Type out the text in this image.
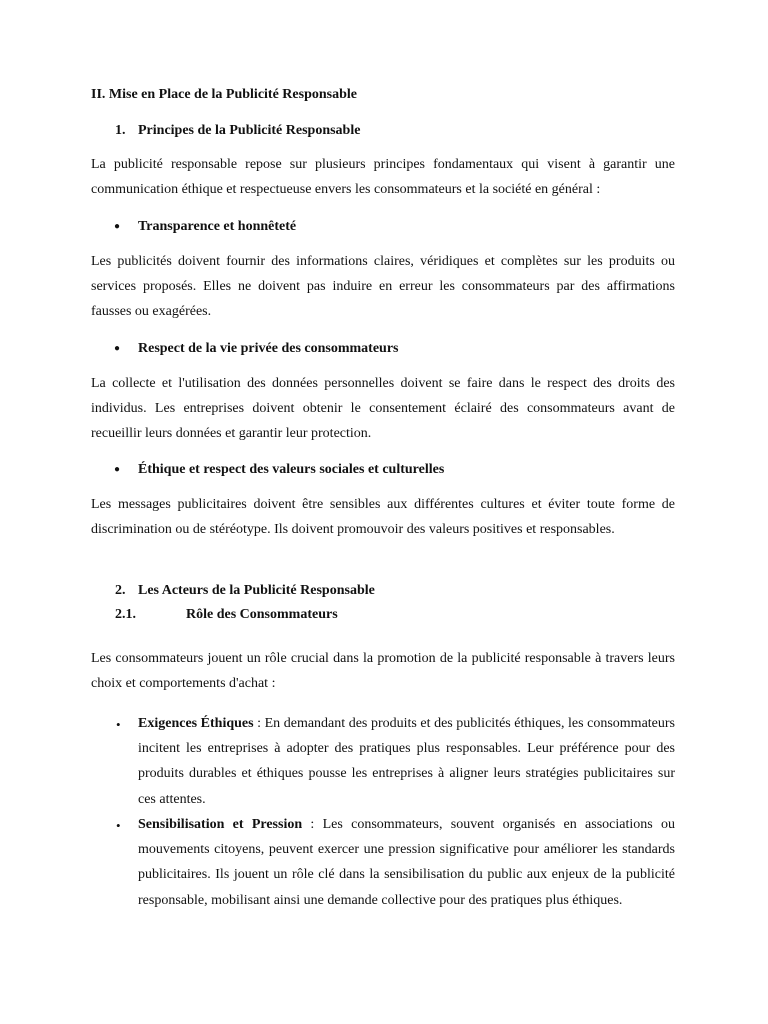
II. Mise en Place de la Publicité Responsable
1. Principes de la Publicité Responsable
La publicité responsable repose sur plusieurs principes fondamentaux qui visent à garantir une communication éthique et respectueuse envers les consommateurs et la société en général :
● Transparence et honnêteté
Les publicités doivent fournir des informations claires, véridiques et complètes sur les produits ou services proposés. Elles ne doivent pas induire en erreur les consommateurs par des affirmations fausses ou exagérées.
● Respect de la vie privée des consommateurs
La collecte et l'utilisation des données personnelles doivent se faire dans le respect des droits des individus. Les entreprises doivent obtenir le consentement éclairé des consommateurs avant de recueillir leurs données et garantir leur protection.
● Éthique et respect des valeurs sociales et culturelles
Les messages publicitaires doivent être sensibles aux différentes cultures et éviter toute forme de discrimination ou de stéréotype. Ils doivent promouvoir des valeurs positives et responsables.
2. Les Acteurs de la Publicité Responsable
2.1.	Rôle des Consommateurs
Les consommateurs jouent un rôle crucial dans la promotion de la publicité responsable à travers leurs choix et comportements d'achat :
• Exigences Éthiques : En demandant des produits et des publicités éthiques, les consommateurs incitent les entreprises à adopter des pratiques plus responsables. Leur préférence pour des produits durables et éthiques pousse les entreprises à aligner leurs stratégies publicitaires sur ces attentes.
• Sensibilisation et Pression : Les consommateurs, souvent organisés en associations ou mouvements citoyens, peuvent exercer une pression significative pour améliorer les standards publicitaires. Ils jouent un rôle clé dans la sensibilisation du public aux enjeux de la publicité responsable, mobilisant ainsi une demande collective pour des pratiques plus éthiques.
